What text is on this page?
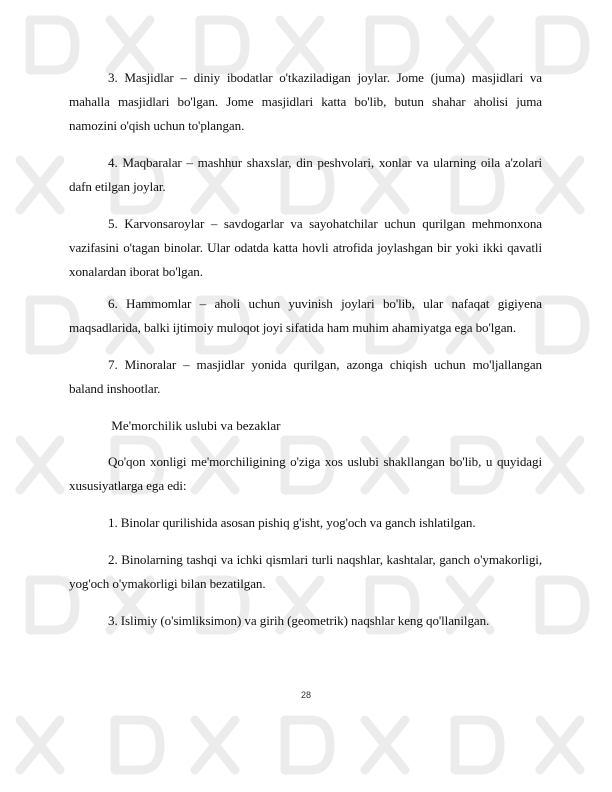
3. Masjidlar – diniy ibodatlar o'tkaziladigan joylar. Jome (juma) masjidlari va mahalla masjidlari bo'lgan. Jome masjidlari katta bo'lib, butun shahar aholisi juma namozini o'qish uchun to'plangan.

4. Maqbaralar – mashhur shaxslar, din peshvolari, xonlar va ularning oila a'zolari dafn etilgan joylar.

5. Karvonsaroylar – savdogarlar va sayohatchilar uchun qurilgan mehmonxona vazifasini o'tagan binolar. Ular odatda katta hovli atrofida joylashgan bir yoki ikki qavatli xonalardan iborat bo'lgan.

6. Hammomlar – aholi uchun yuvinish joylari bo'lib, ular nafaqat gigiyena maqsadlarida, balki ijtimoiy muloqot joyi sifatida ham muhim ahamiyatga ega bo'lgan.

7. Minoralar – masjidlar yonida qurilgan, azonga chiqish uchun mo'ljallangan baland inshootlar.

Me'morchilik uslubi va bezaklar

Qo'qon xonligi me'morchiligining o'ziga xos uslubi shakllangan bo'lib, u quyidagi xususiyatlarga ega edi:

1. Binolar qurilishida asosan pishiq g'isht, yog'och va ganch ishlatilgan.

2. Binolarning tashqi va ichki qismlari turli naqshlar, kashtalar, ganch o'ymakorligi, yog'och o'ymakorligi bilan bezatilgan.

3. Islimiy (o'simliksimon) va girih (geometrik) naqshlar keng qo'llanilgan.

28
